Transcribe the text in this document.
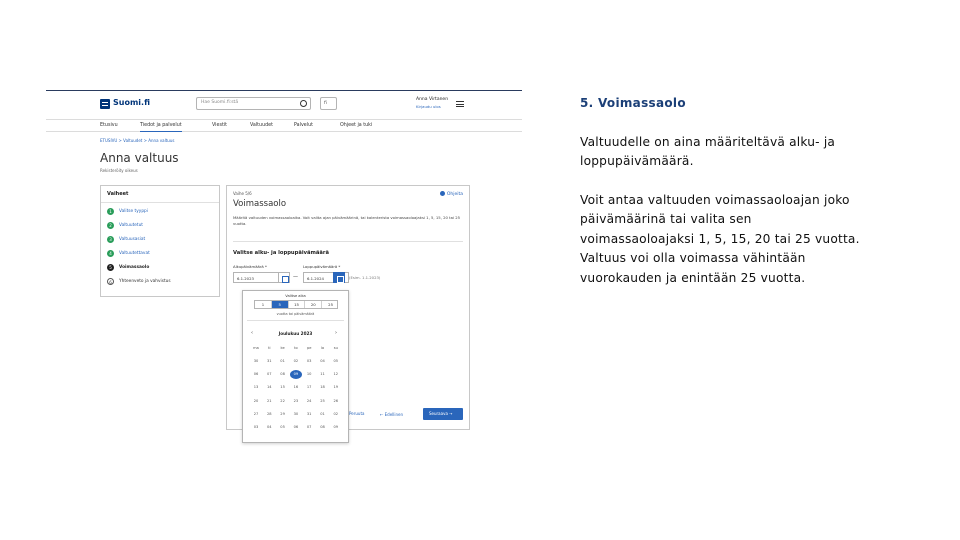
Suomi.fi	Hae Suomi.fi:stä	fi
Anna Virtanen
Kirjaudu ulos
Etusivu	Tiedot ja palvelut	Viestit	Valtuudet	Palvelut	Ohjeet ja tuki
ETUSIVU > Valtuudet > Anna valtuus
Anna valtuus
Rekisteröity oikeus
Vaiheet
1	Valitse tyyppi
2	Valtuutetut
3	Valtuusasiat
4	Valtuutettavat
5	Voimassaolo
6	Yhteenveto ja vahvistus
Vaihe 5/6	Ohjeita
Voimassaolo
Määritä valtuuden voimassaoloaika. Voit valita ajan päivämäärinä, tai kalenterista voimassaoloajaksi 1, 5, 15, 20 tai 25 vuotta.
Valitse alku- ja loppupäivämäärä
Alkupäivämäärä *	Loppupäivämäärä *
6.1.2023	—	6.1.2024	(Esim. 1.1.2023)
Peruuta	← Edellinen	Seuraava →
Valitse aika
1	5	15	20	25
vuotta tai päivämäärä
‹	Joulukuu 2023	›
ma	ti	ke	to	pe	la	su
30	31	01	02	03	04	05
06	07	08	09	10	11	12
13	14	15	16	17	18	19
20	21	22	23	24	25	26
27	28	29	30	31	01	02
03	04	05	06	07	08	09
5. Voimassaolo
Valtuudelle on aina määriteltävä alku- ja
loppupäivämäärä.
Voit antaa valtuuden voimassaoloajan joko
päivämäärinä tai valita sen
voimassaoloajaksi 1, 5, 15, 20 tai 25 vuotta.
Valtuus voi olla voimassa vähintään
vuorokauden ja enintään 25 vuotta.
